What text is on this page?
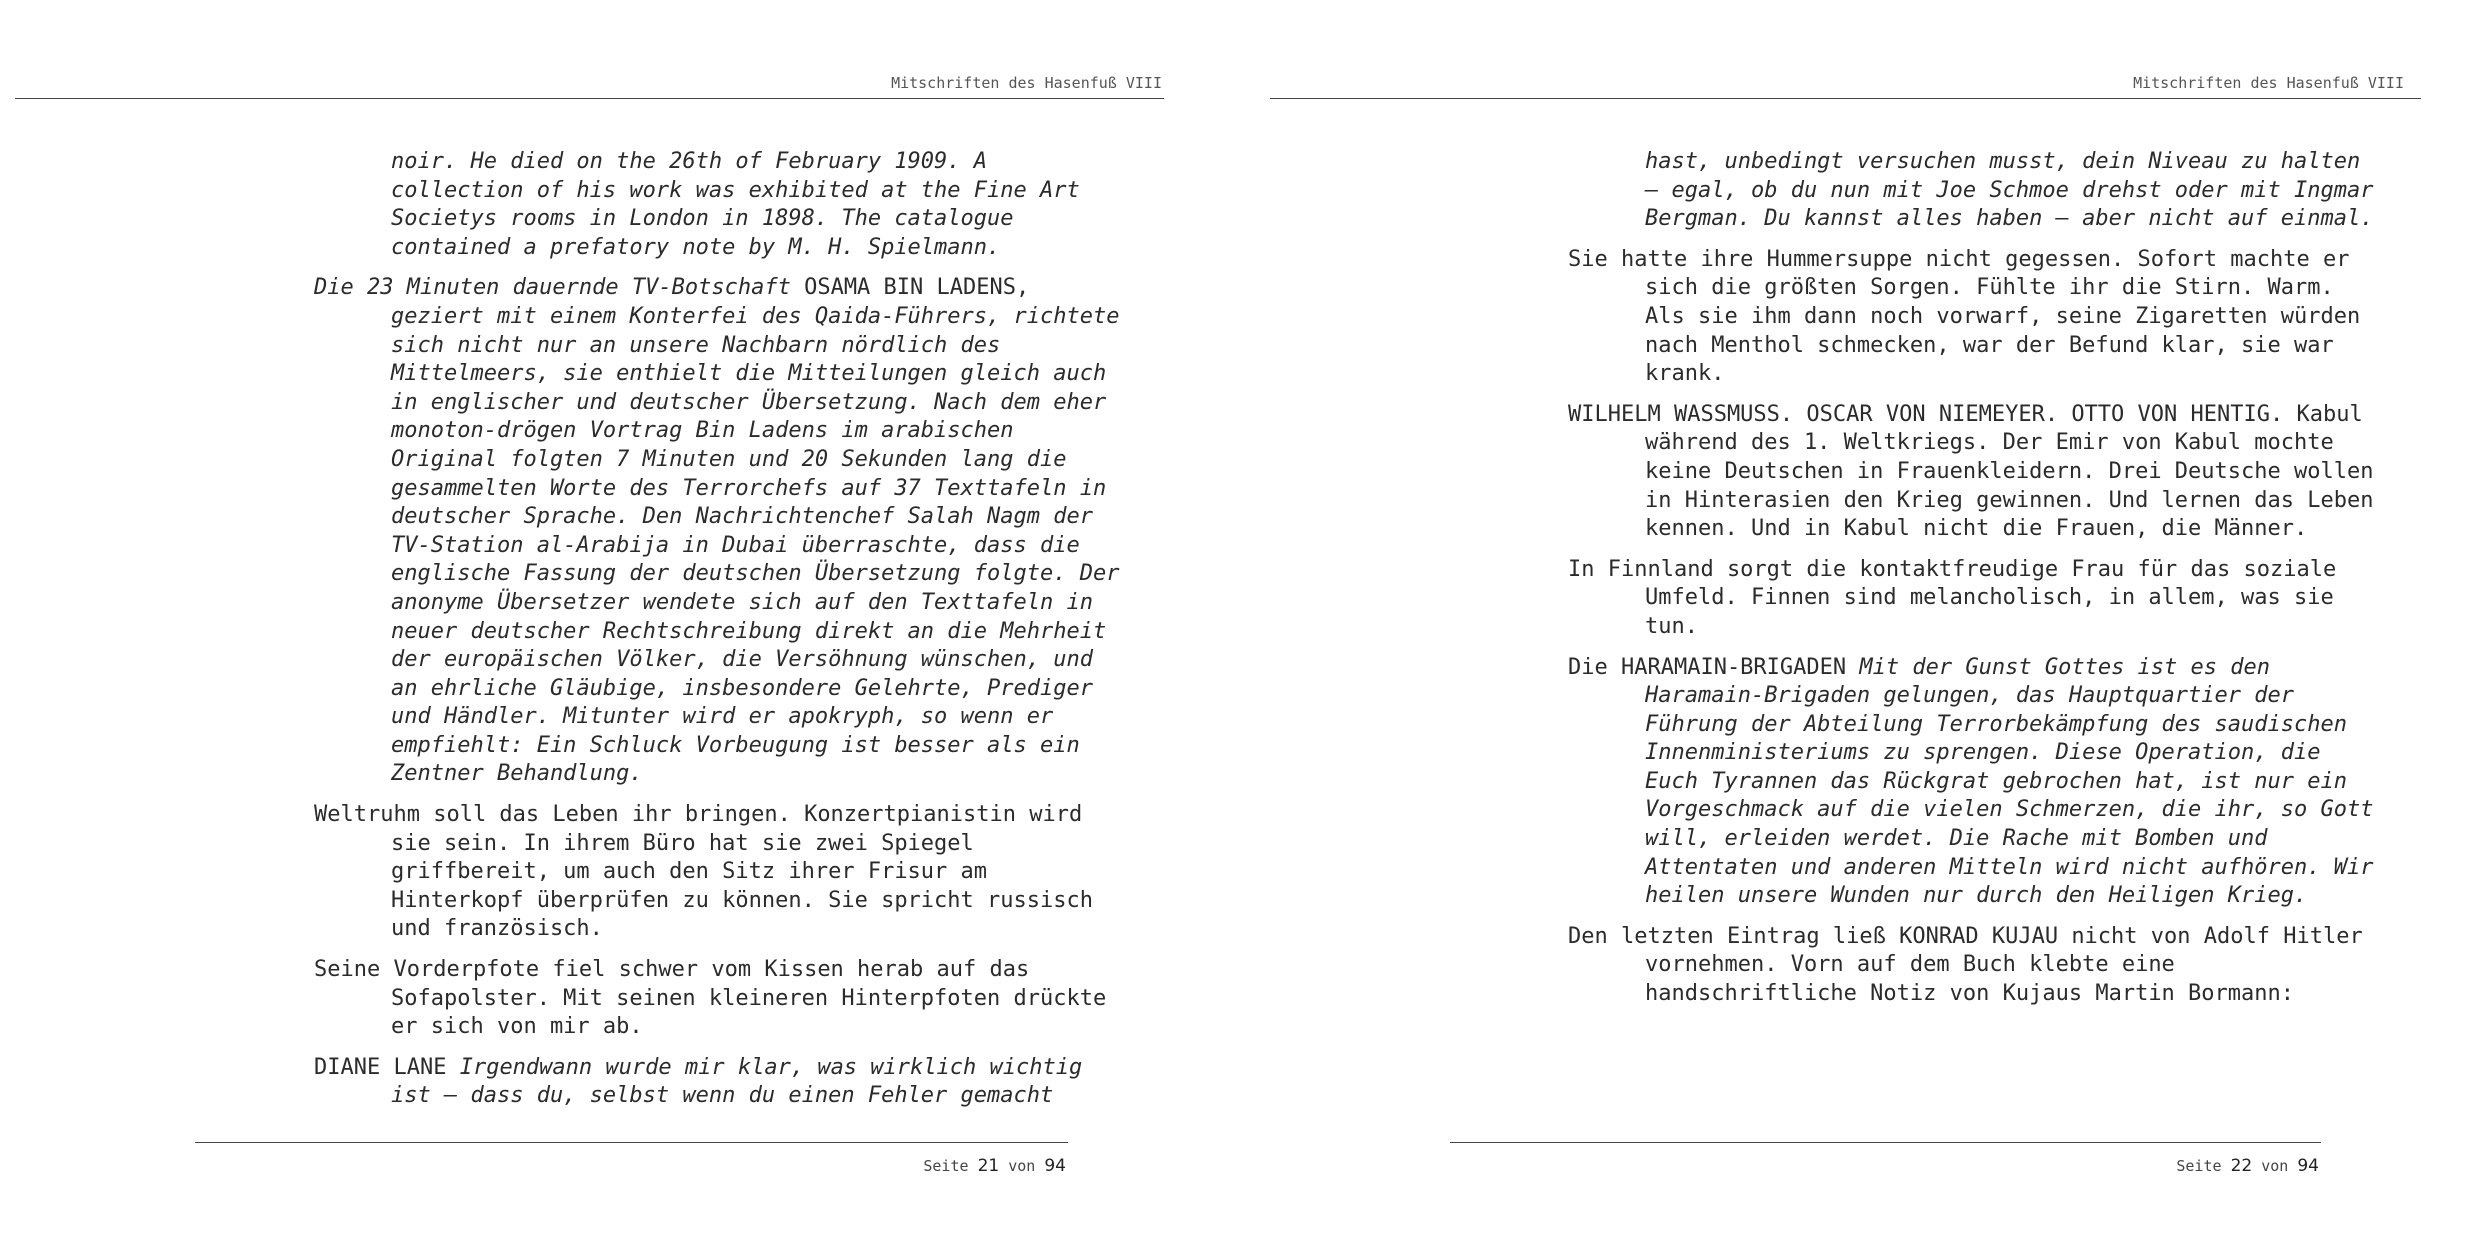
Mitschriften des Hasenfuß VIII

noir. He died on the 26th of February 1909. A collection of his work was exhibited at the Fine Art Societys rooms in London in 1898. The catalogue contained a prefatory note by M. H. Spielmann.

Die 23 Minuten dauernde TV-Botschaft OSAMA BIN LADENS, geziert mit einem Konterfei des Qaida-Führers, richtete sich nicht nur an unsere Nachbarn nördlich des Mittelmeers, sie enthielt die Mitteilungen gleich auch in englischer und deutscher Übersetzung. Nach dem eher monoton-drögen Vortrag Bin Ladens im arabischen Original folgten 7 Minuten und 20 Sekunden lang die gesammelten Worte des Terrorchefs auf 37 Texttafeln in deutscher Sprache. Den Nachrichtenchef Salah Nagm der TV-Station al-Arabija in Dubai überraschte, dass die englische Fassung der deutschen Übersetzung folgte. Der anonyme Übersetzer wendete sich auf den Texttafeln in neuer deutscher Rechtschreibung direkt an die Mehrheit der europäischen Völker, die Versöhnung wünschen, und an ehrliche Gläubige, insbesondere Gelehrte, Prediger und Händler. Mitunter wird er apokryph, so wenn er empfiehlt: Ein Schluck Vorbeugung ist besser als ein Zentner Behandlung.

Weltruhm soll das Leben ihr bringen. Konzertpianistin wird sie sein. In ihrem Büro hat sie zwei Spiegel griffbereit, um auch den Sitz ihrer Frisur am Hinterkopf überprüfen zu können. Sie spricht russisch und französisch.

Seine Vorderpfote fiel schwer vom Kissen herab auf das Sofapolster. Mit seinen kleineren Hinterpfoten drückte er sich von mir ab.

DIANE LANE Irgendwann wurde mir klar, was wirklich wichtig ist – dass du, selbst wenn du einen Fehler gemacht

Seite 21 von 94
Mitschriften des Hasenfuß VIII

hast, unbedingt versuchen musst, dein Niveau zu halten – egal, ob du nun mit Joe Schmoe drehst oder mit Ingmar Bergman. Du kannst alles haben – aber nicht auf einmal.

Sie hatte ihre Hummersuppe nicht gegessen. Sofort machte er sich die größten Sorgen. Fühlte ihr die Stirn. Warm. Als sie ihm dann noch vorwarf, seine Zigaretten würden nach Menthol schmecken, war der Befund klar, sie war krank.

WILHELM WASSMUSS. OSCAR VON NIEMEYER. OTTO VON HENTIG. Kabul während des 1. Weltkriegs. Der Emir von Kabul mochte keine Deutschen in Frauenkleidern. Drei Deutsche wollen in Hinterasien den Krieg gewinnen. Und lernen das Leben kennen. Und in Kabul nicht die Frauen, die Männer.

In Finnland sorgt die kontaktfreudige Frau für das soziale Umfeld. Finnen sind melancholisch, in allem, was sie tun.

Die HARAMAIN-BRIGADEN Mit der Gunst Gottes ist es den Haramain-Brigaden gelungen, das Hauptquartier der Führung der Abteilung Terrorbekämpfung des saudischen Innenministeriums zu sprengen. Diese Operation, die Euch Tyrannen das Rückgrat gebrochen hat, ist nur ein Vorgeschmack auf die vielen Schmerzen, die ihr, so Gott will, erleiden werdet. Die Rache mit Bomben und Attentaten und anderen Mitteln wird nicht aufhören. Wir heilen unsere Wunden nur durch den Heiligen Krieg.

Den letzten Eintrag ließ KONRAD KUJAU nicht von Adolf Hitler vornehmen. Vorn auf dem Buch klebte eine handschriftliche Notiz von Kujaus Martin Bormann:

Seite 22 von 94
